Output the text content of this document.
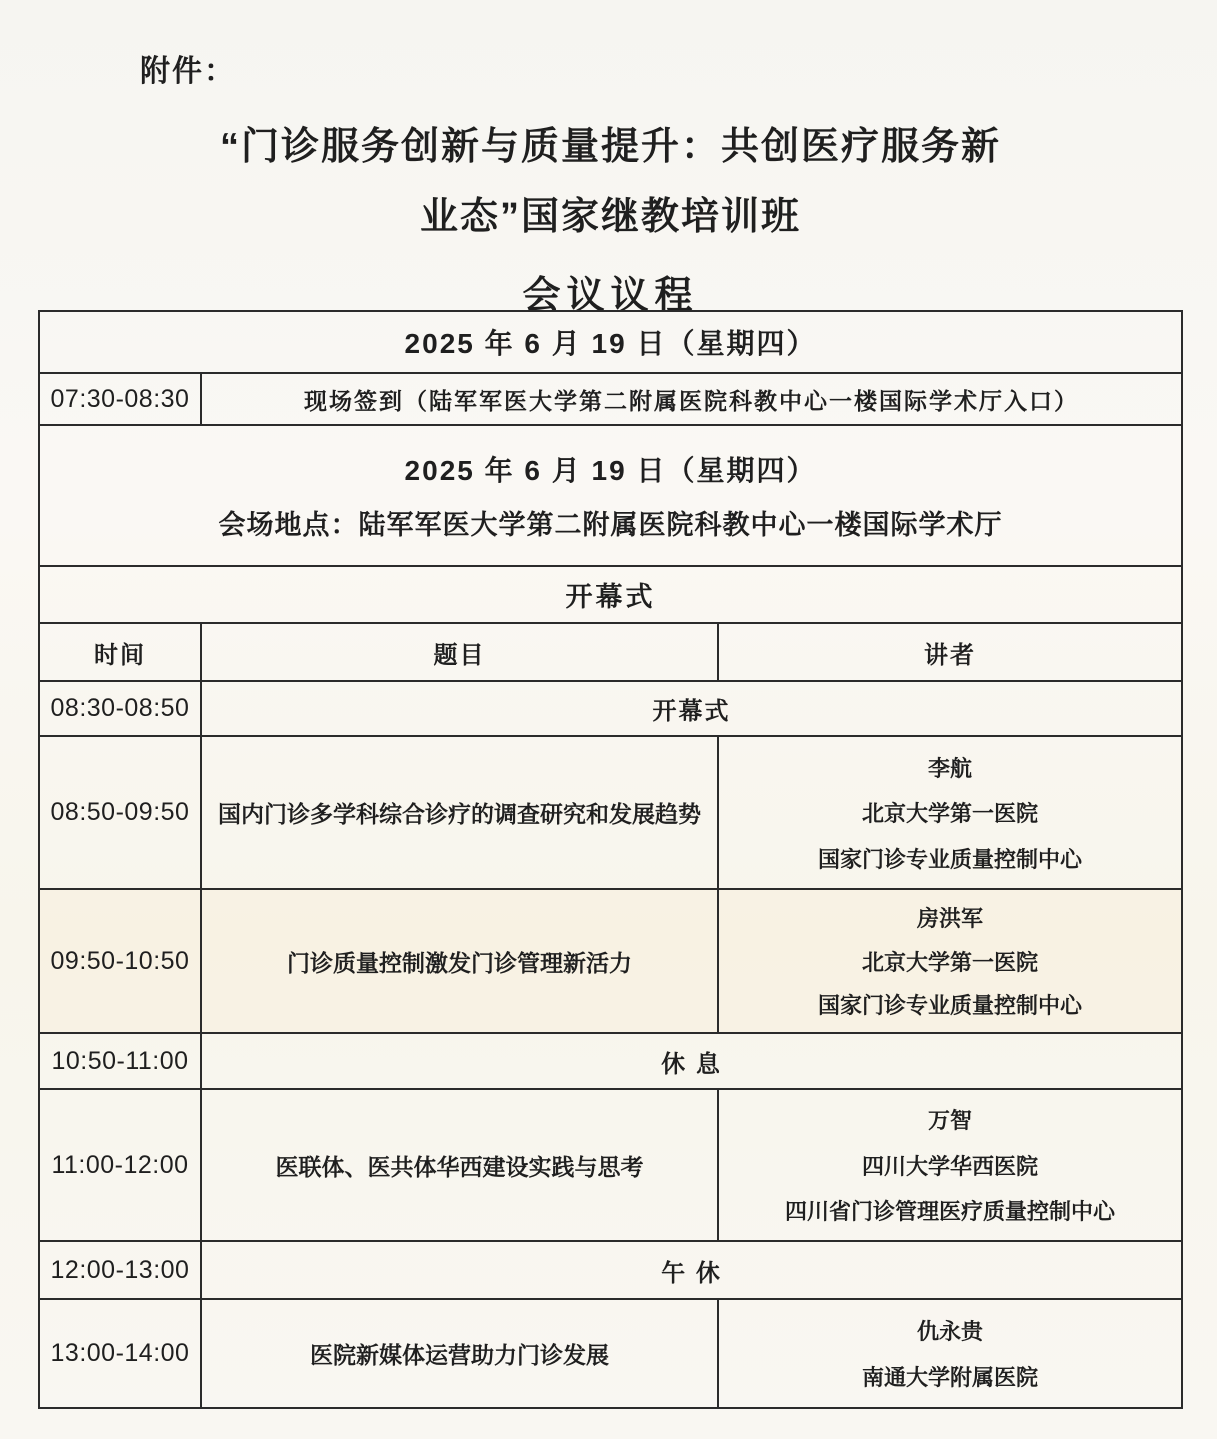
附件：
“门诊服务创新与质量提升：共创医疗服务新
业态”国家继教培训班
会议议程
2025 年 6 月 19 日（星期四）
07:30-08:30	现场签到（陆军军医大学第二附属医院科教中心一楼国际学术厅入口）
2025 年 6 月 19 日（星期四）
会场地点：陆军军医大学第二附属医院科教中心一楼国际学术厅
开幕式
时间	题目	讲者
08:30-08:50	开幕式
08:50-09:50	国内门诊多学科综合诊疗的调查研究和发展趋势
李航
北京大学第一医院
国家门诊专业质量控制中心
09:50-10:50	门诊质量控制激发门诊管理新活力
房洪军
北京大学第一医院
国家门诊专业质量控制中心
10:50-11:00	休 息
11:00-12:00	医联体、医共体华西建设实践与思考
万智
四川大学华西医院
四川省门诊管理医疗质量控制中心
12:00-13:00	午 休
13:00-14:00	医院新媒体运营助力门诊发展
仇永贵
南通大学附属医院
